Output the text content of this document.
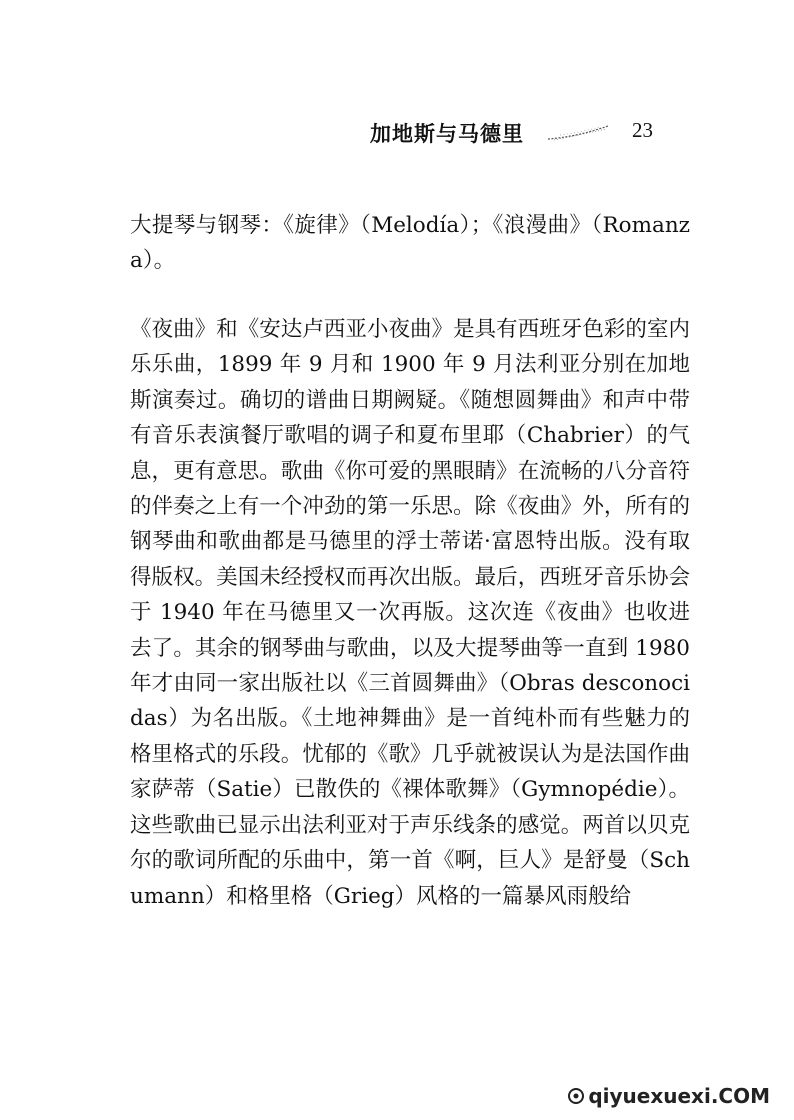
加地斯与马德里	23

大提琴与钢琴：《旋律》（Melodía）；《浪漫曲》（Romanza）。

《夜曲》和《安达卢西亚小夜曲》是具有西班牙色彩的室内乐乐曲，1899 年 9 月和 1900 年 9 月法利亚分别在加地斯演奏过。确切的谱曲日期阙疑。《随想圆舞曲》和声中带有音乐表演餐厅歌唱的调子和夏布里耶（Chabrier）的气息，更有意思。歌曲《你可爱的黑眼睛》在流畅的八分音符的伴奏之上有一个冲劲的第一乐思。除《夜曲》外，所有的钢琴曲和歌曲都是马德里的浮士蒂诺·富恩特出版。没有取得版权。美国未经授权而再次出版。最后，西班牙音乐协会于 1940 年在马德里又一次再版。这次连《夜曲》也收进去了。其余的钢琴曲与歌曲，以及大提琴曲等一直到 1980 年才由同一家出版社以《三首圆舞曲》（Obras desconocidas）为名出版。《土地神舞曲》是一首纯朴而有些魅力的格里格式的乐段。忧郁的《歌》几乎就被误认为是法国作曲家萨蒂（Satie）已散佚的《裸体歌舞》（Gymnopédie）。这些歌曲已显示出法利亚对于声乐线条的感觉。两首以贝克尔的歌词所配的乐曲中，第一首《啊，巨人》是舒曼（Schumann）和格里格（Grieg）风格的一篇暴风雨般给

qiyuexuexi.COM
